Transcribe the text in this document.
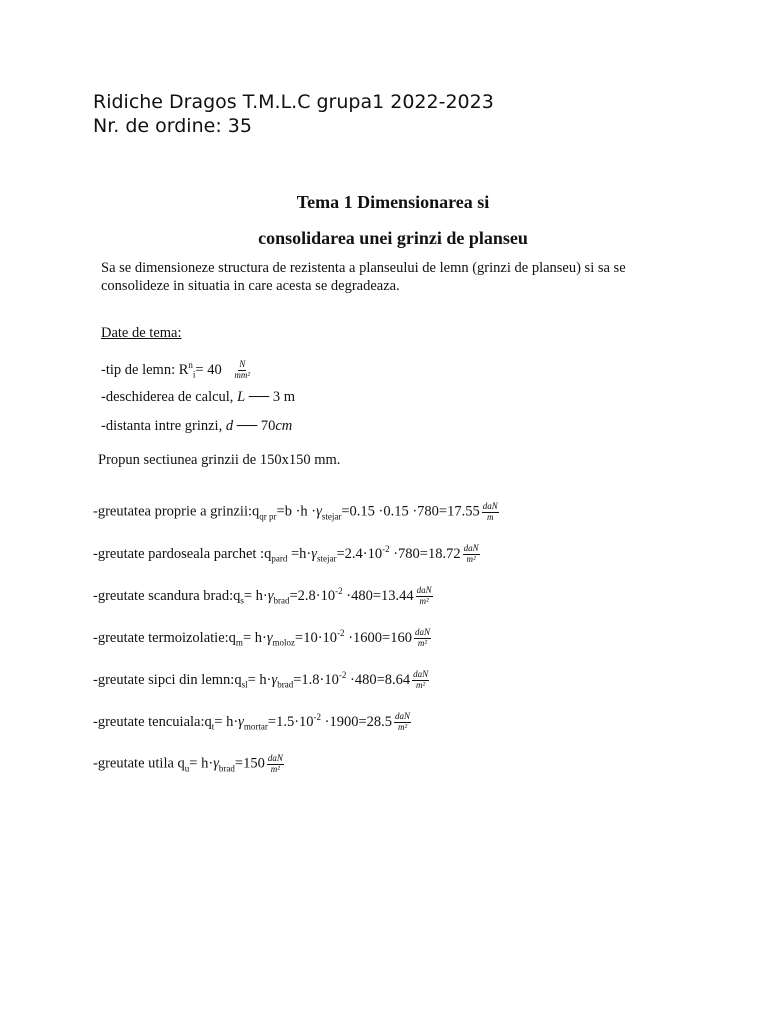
Ridiche Dragos T.M.L.C grupa1 2022-2023
Nr. de ordine: 35
Tema 1 Dimensionarea si
consolidarea unei grinzi de planseu
Sa se dimensioneze structura de rezistenta a planseului de lemn (grinzi de planseu) si sa se
consolideze in situatia in care acesta se degradeaza.
Date de tema:
-tip de lemn: $R^n_i= 40 \frac{N}{\text{mm²}}$
-deschiderea de calcul, L ── 3 m
-distanta intre grinzi, d ── 70cm
Propun sectiunea grinzii de 150x150 mm.
-greutatea proprie a $grinzii:q_{qr pr}=b \cdot h \cdot\gamma_{stejar}=0.15 \cdot 0.15 \cdot 780=17.55 \frac{\text{daN}}{m}$
-greutate pardoseala parchet $:q_{pard} =h\cdot\gamma_{stejar}=2.4\cdot 10^{-2} \cdot 780=18.72 \frac{\text{daN}}{\text{m²}}$
-greutate scandura $brad:q_s= h\cdot\gamma_{brad}=2.8\cdot 10^{-2} \cdot 480=13.44 \frac{\text{daN}}{\text{m²}}$
-greutate $termoizolatie:q_m= h\cdot\gamma_{moloz}=10\cdot 10^{-2} \cdot 1600=160 \frac{\text{daN}}{\text{m²}}$
-greutate sipci din $lemn:q_{sl}= h\cdot\gamma_{brad}=1.8\cdot 10^{-2} \cdot 480=8.64 \frac{\text{daN}}{\text{m²}}$
-greutate $tencuiala:q_t= h\cdot\gamma_{mortar}=1.5\cdot 10^{-2} \cdot 1900=28.5 \frac{\text{daN}}{\text{m²}}$
-greutate utila $q_u= h\cdot\gamma_{brad}=150 \frac{\text{daN}}{\text{m²}}$
